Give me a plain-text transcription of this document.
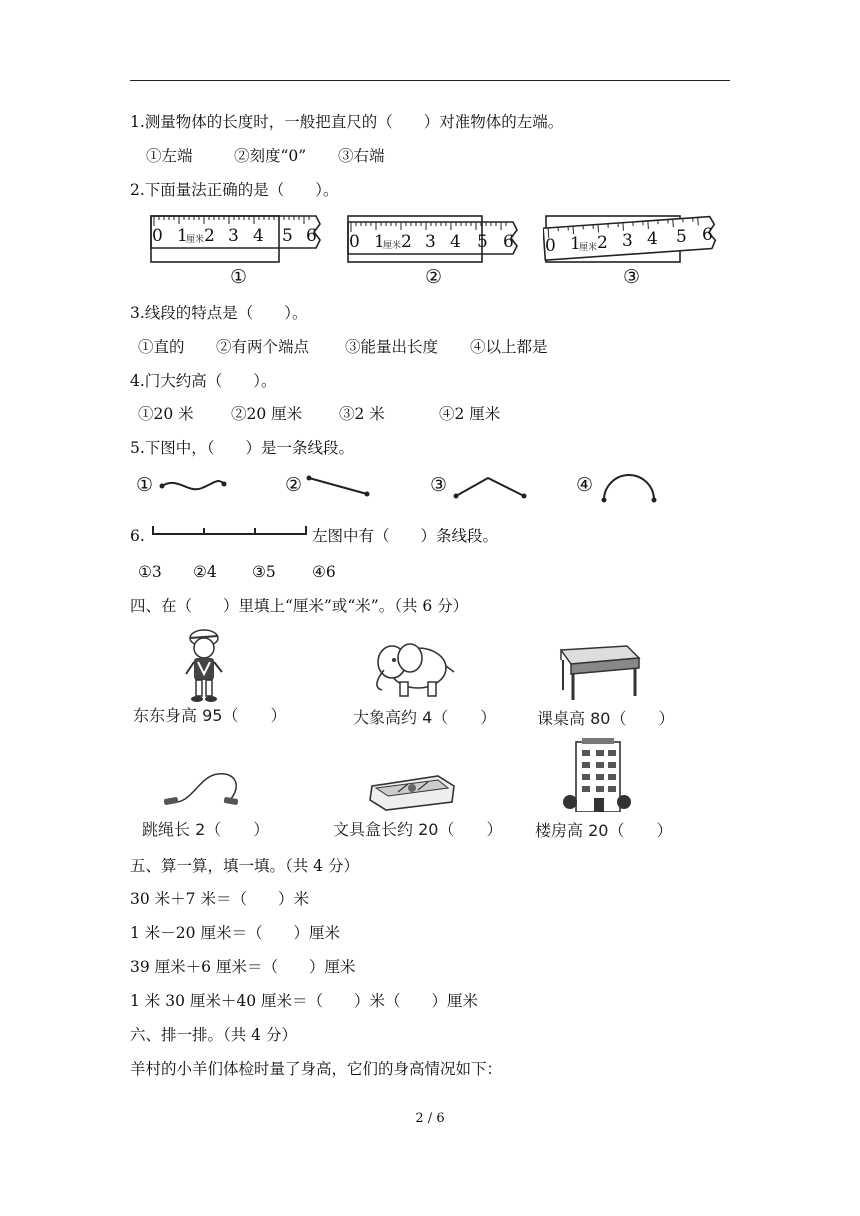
1.测量物体的长度时，一般把直尺的（　　）对准物体的左端。
①左端	②刻度“0” ③右端
2.下面量法正确的是（　　）。
0 1
厘米 2 3 4 5 6
①
0 1
厘米 2 3 4 5 6
②
0 1
厘米 2 3 4 5 6
③
3.线段的特点是（　　）。
①直的 ②有两个端点 ③能量出长度 ④以上都是
4.门大约高（　　）。
①20 米 ②20 厘米 ③2 米	④2 厘米
5.下图中，（　　）是一条线段。
①	②	③	④
6.	左图中有（　　）条线段。
①3 ②4 ③5 ④6
四、在（　　）里填上“厘米”或“米”。（共 6 分）
东东身高 95（　　）	大象高约 4（　　）	课桌高 80（　　）
跳绳长 2（　　）	文具盒长约 20（　　） 楼房高 20（　　）
五、算一算，填一填。（共 4 分）
30 米＋7 米＝（　　）米
1 米－20 厘米＝（　　）厘米
39 厘米＋6 厘米＝（　　）厘米
1 米 30 厘米＋40 厘米＝（　　）米（　　）厘米
六、排一排。（共 4 分）
羊村的小羊们体检时量了身高，它们的身高情况如下：
2 / 6
